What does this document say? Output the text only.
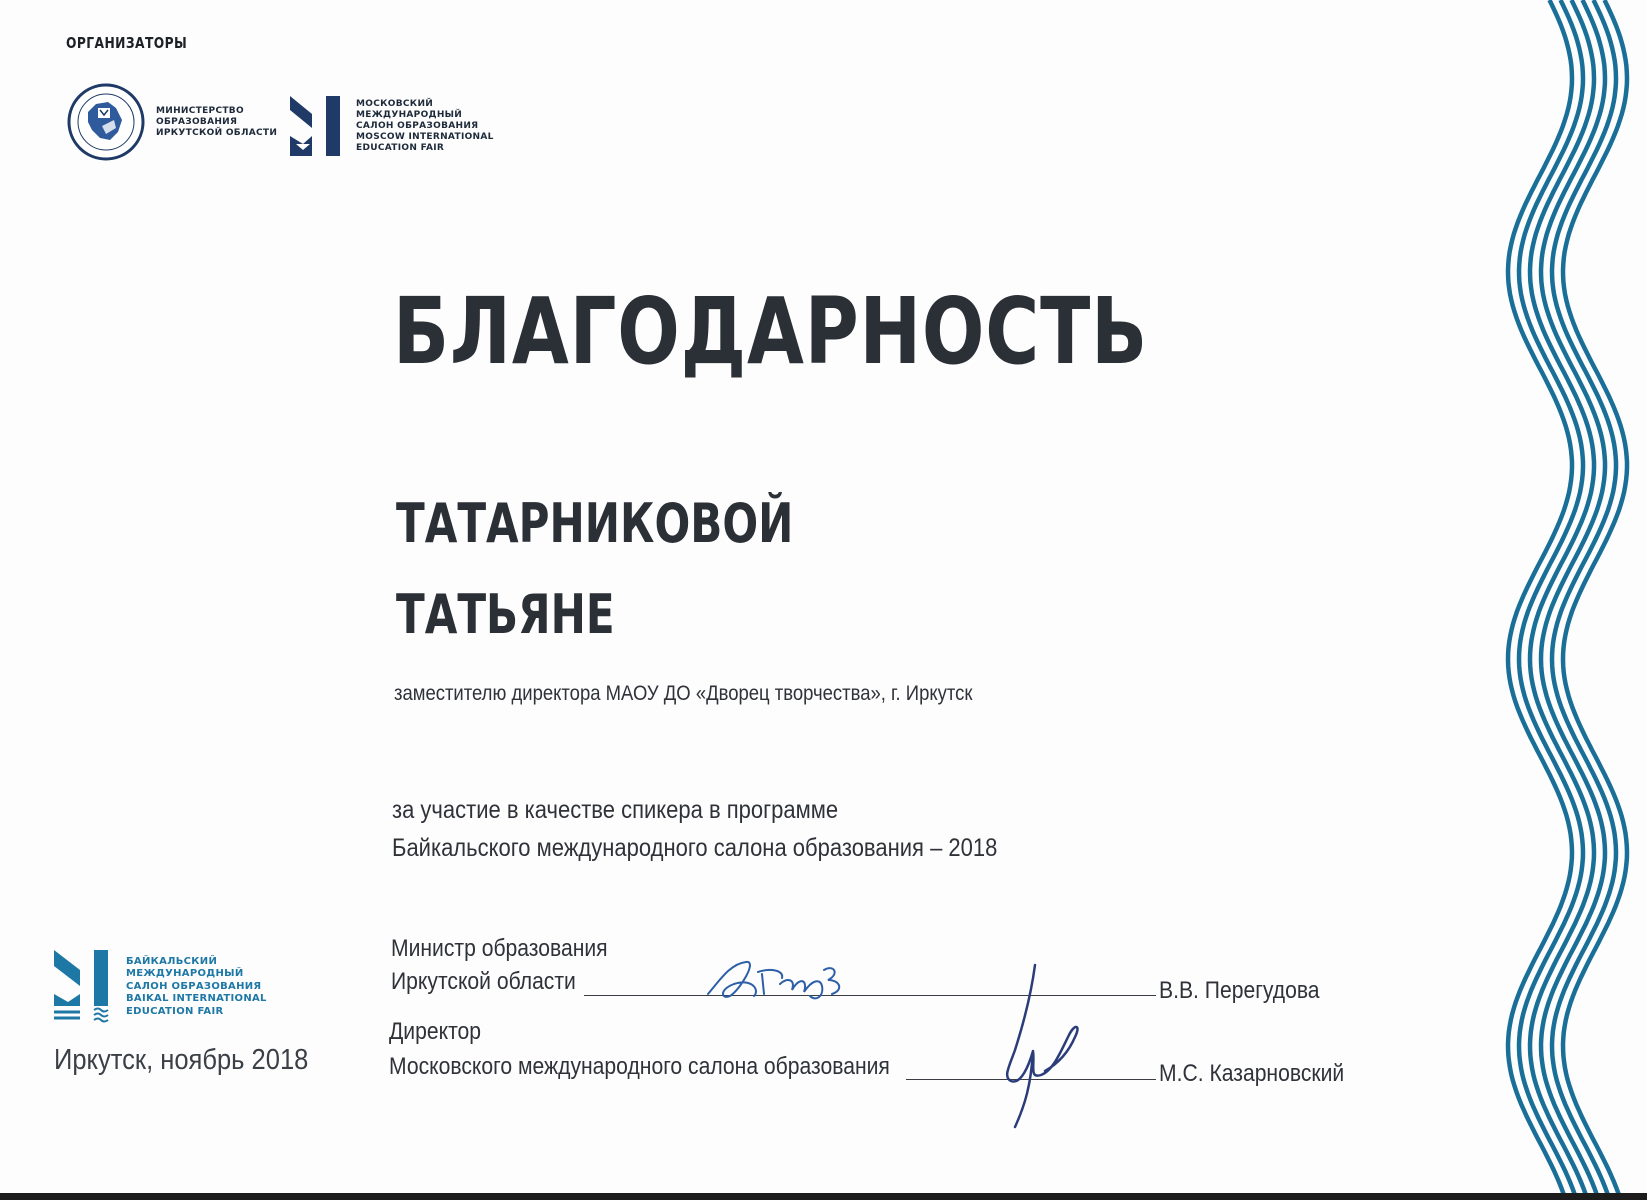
ОРГАНИЗАТОРЫ
МИНИСТЕРСТВО
ОБРАЗОВАНИЯ
ИРКУТСКОЙ ОБЛАСТИ
МОСКОВСКИЙ
МЕЖДУНАРОДНЫЙ
САЛОН ОБРАЗОВАНИЯ
MOSCOW INTERNATIONAL
EDUCATION FAIR
БЛАГОДАРНОСТЬ
ТАТАРНИКОВОЙ
ТАТЬЯНЕ
заместителю директора МАОУ ДО «Дворец творчества», г. Иркутск
за участие в качестве спикера в программе
Байкальского международного салона образования – 2018
Министр образования
Иркутской области	В.В. Перегудова
Директор
Московского международного салона образования	М.С. Казарновский
БАЙКАЛЬСКИЙ
МЕЖДУНАРОДНЫЙ
САЛОН ОБРАЗОВАНИЯ
BAIKAL INTERNATIONAL
EDUCATION FAIR
Иркутск, ноябрь 2018
